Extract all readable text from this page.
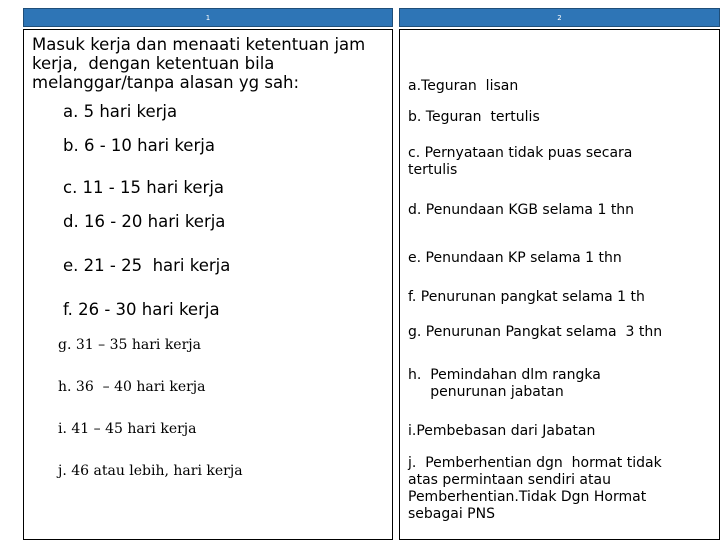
1	2

Masuk kerja dan menaati ketentuan jam

kerja,  dengan ketentuan bila

melanggar/tanpa alasan yg sah:

a. 5 hari kerja

b. 6 - 10 hari kerja

c. 11 - 15 hari kerja

d. 16 - 20 hari kerja

e. 21 - 25  hari kerja

f. 26 - 30 hari kerja

g. 31 – 35 hari kerja

h. 36  – 40 hari kerja

i. 41 – 45 hari kerja

j. 46 atau lebih, hari kerja

a.Teguran  lisan

b. Teguran  tertulis

c. Pernyataan tidak puas secara

tertulis

d. Penundaan KGB selama 1 thn

e. Penundaan KP selama 1 thn

f. Penurunan pangkat selama 1 th

g. Penurunan Pangkat selama  3 thn

h.  Pemindahan dlm rangka

penurunan jabatan

i.Pembebasan dari Jabatan

j.  Pemberhentian dgn  hormat tidak

atas permintaan sendiri atau

Pemberhentian.Tidak Dgn Hormat

sebagai PNS
